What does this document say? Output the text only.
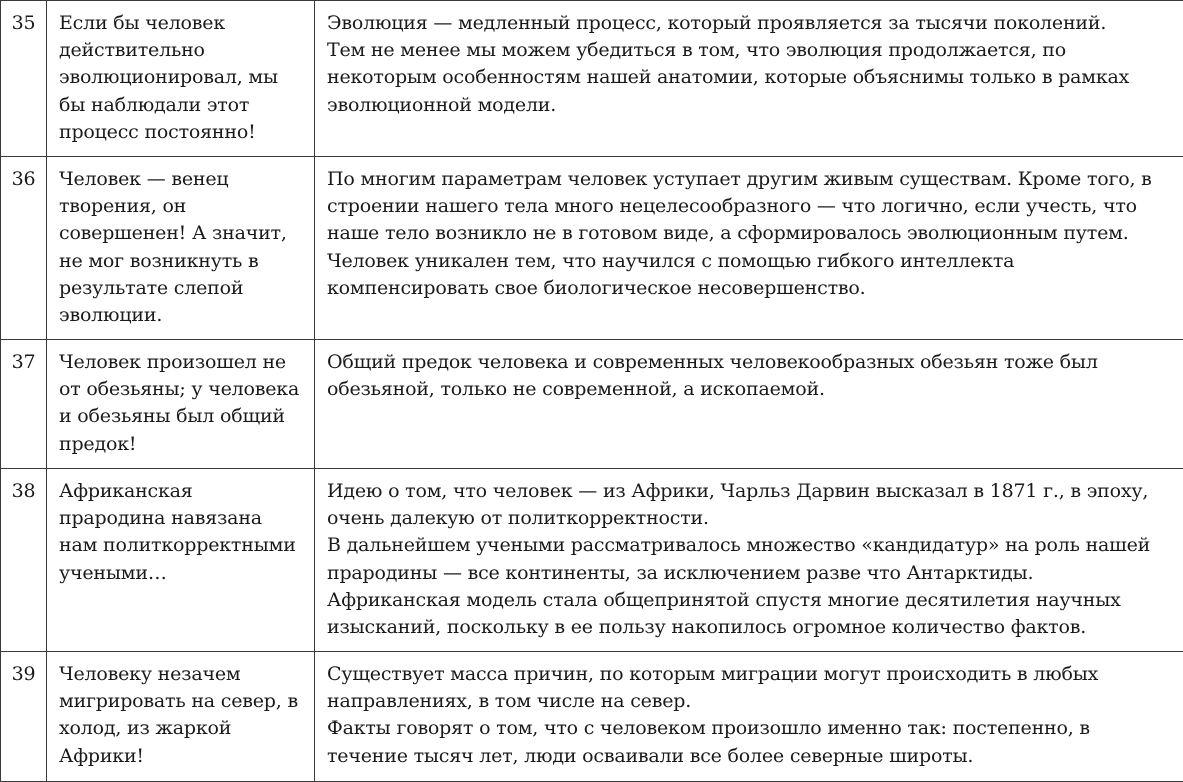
35	Если бы человек действительно эволюционировал, мы бы наблюдали этот процесс постоянно!	Эволюция — медленный процесс, который проявляется за тысячи поколений.
Тем не менее мы можем убедиться в том, что эволюция продолжается, по некоторым особенностям нашей анатомии, которые объяснимы только в рамках эволюционной модели.

36	Человек — венец творения, он совершенен! А значит, не мог возникнуть в результате слепой эволюции.	По многим параметрам человек уступает другим живым существам. Кроме того, в строении нашего тела много нецелесообразного — что логично, если учесть, что наше тело возникло не в готовом виде, а сформировалось эволюционным путем.
Человек уникален тем, что научился с помощью гибкого интеллекта компенсировать свое биологическое несовершенство.

37	Человек произошел не от обезьяны; у человека и обезьяны был общий предок!	Общий предок человека и современных человекообразных обезьян тоже был обезьяной, только не современной, а ископаемой.

38	Африканская прародина навязана нам политкорректными учеными…	Идею о том, что человек — из Африки, Чарльз Дарвин высказал в 1871 г., в эпоху, очень далекую от политкорректности.
В дальнейшем учеными рассматривалось множество «кандидатур» на роль нашей прародины — все континенты, за исключением разве что Антарктиды. Африканская модель стала общепринятой спустя многие десятилетия научных изысканий, поскольку в ее пользу накопилось огромное количество фактов.

39	Человеку незачем мигрировать на север, в холод, из жаркой Африки!	Существует масса причин, по которым миграции могут происходить в любых направлениях, в том числе на север.
Факты говорят о том, что с человеком произошло именно так: постепенно, в течение тысяч лет, люди осваивали все более северные широты.
